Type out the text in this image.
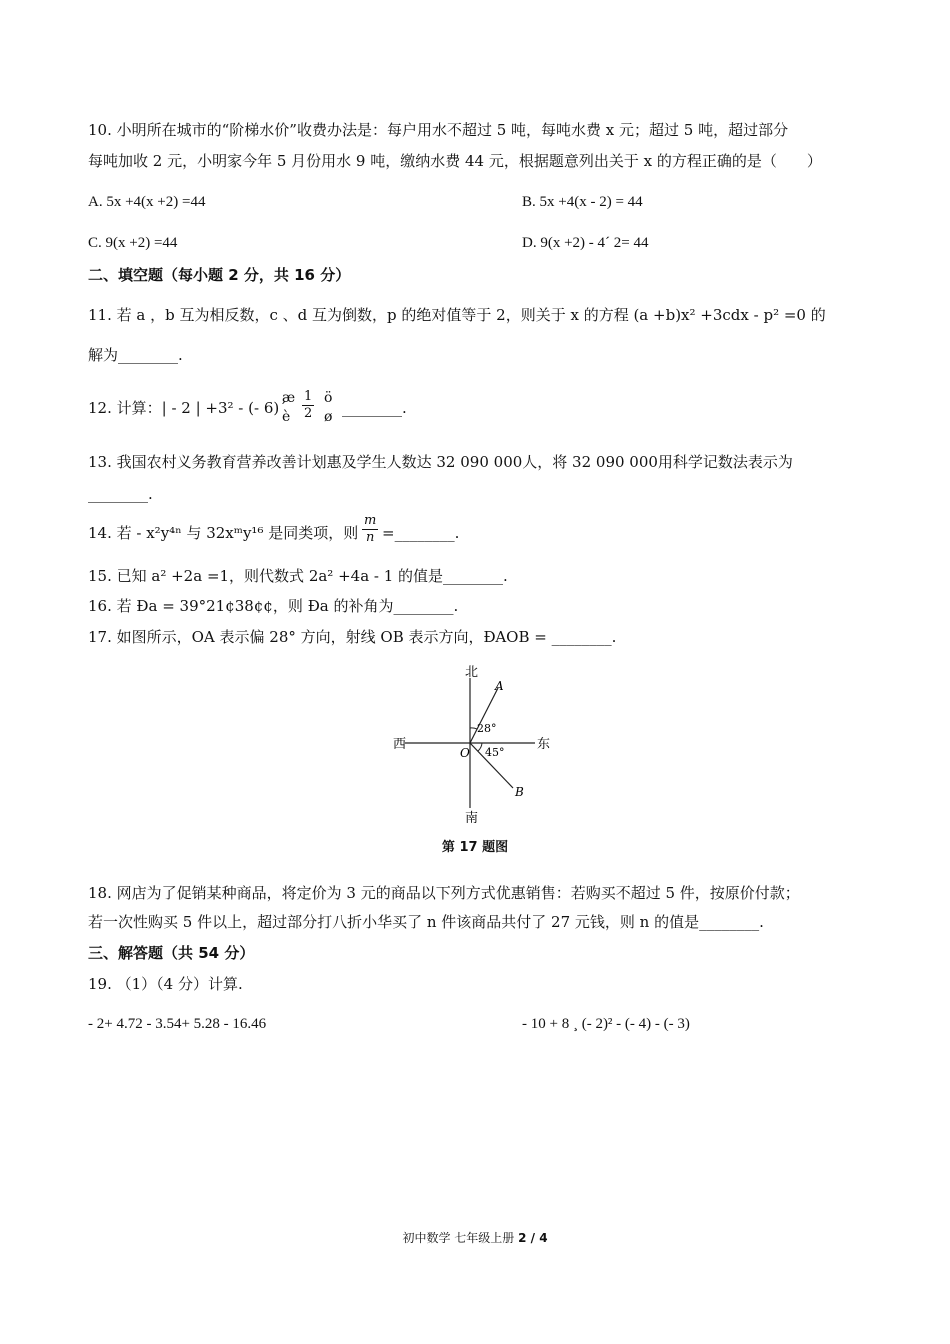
10. 小明所在城市的“阶梯水价”收费办法是：每户用水不超过 5 吨，每吨水费 x 元；超过 5 吨，超过部分
每吨加收 2 元，小明家今年 5 月份用水 9 吨，缴纳水费 44 元，根据题意列出关于 x 的方程正确的是（　　）
A. 5x +4(x +2) =44	B. 5x +4(x - 2) = 44
C. 9(x +2) =44	D. 9(x +2) - 4´ 2= 44
二、填空题（每小题 2 分，共 16 分）
11. 若 a ，b 互为相反数，c 、d 互为倒数，p 的绝对值等于 2，则关于 x 的方程 (a +b)x² +3cdx - p² =0 的
解为________.
12. 计算：| - 2 | +3² - (- 6)´
æ
è $\frac{1}{2}$ ö
ø ________.
13. 我国农村义务教育营养改善计划惠及学生人数达 32 090 000人，将 32 090 000用科学记数法表示为
________.
14. 若 - x²y⁴ⁿ 与 32xᵐy¹⁶ 是同类项，则 $\frac{m}{n}$ =________.
15. 已知 a² +2a =1，则代数式 2a² +4a - 1 的值是________.
16. 若 Ða = 39°21¢38¢¢，则 Ða 的补角为________.
17. 如图所示，OA 表示偏 28° 方向，射线 OB 表示方向，ÐAOB = ________.
北
南
西	东
A
B
O
28°
45°
第 17 题图
18. 网店为了促销某种商品，将定价为 3 元的商品以下列方式优惠销售：若购买不超过 5 件，按原价付款；
若一次性购买 5 件以上，超过部分打八折小华买了 n 件该商品共付了 27 元钱，则 n 的值是________.
三、解答题（共 54 分）
19. （1）（4 分）计算.
- 2+ 4.72 - 3.54+ 5.28 - 16.46	- 10 + 8 ¸ (- 2)² - (- 4) - (- 3)
初中数学 七年级上册 2 / 4
